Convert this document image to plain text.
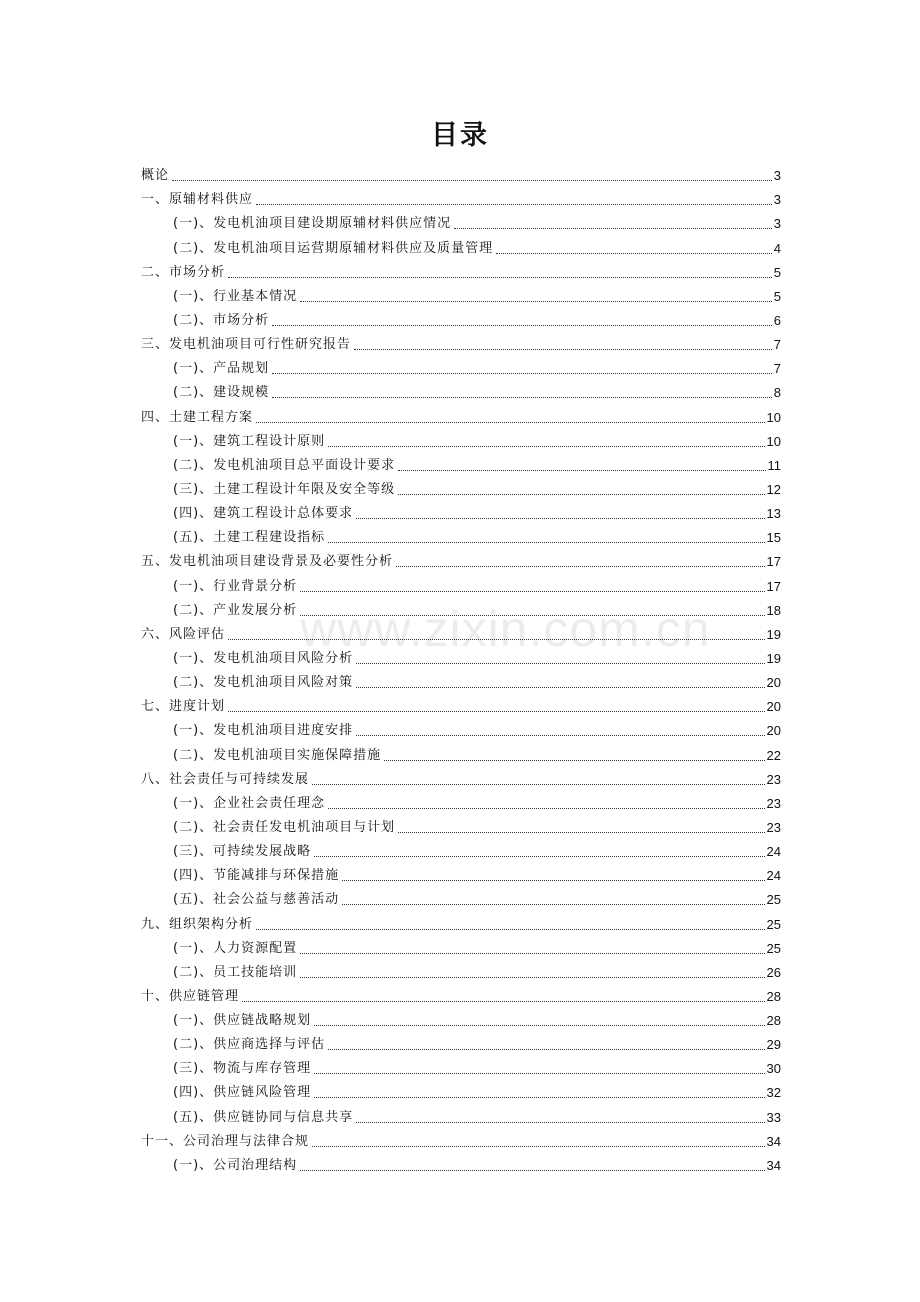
目录
概论	3
一、原辅材料供应	3
(一)、发电机油项目建设期原辅材料供应情况	3
(二)、发电机油项目运营期原辅材料供应及质量管理	4
二、市场分析	5
(一)、行业基本情况	5
(二)、市场分析	6
三、发电机油项目可行性研究报告	7
(一)、产品规划	7
(二)、建设规模	8
四、土建工程方案	10
(一)、建筑工程设计原则	10
(二)、发电机油项目总平面设计要求	11
(三)、土建工程设计年限及安全等级	12
(四)、建筑工程设计总体要求	13
(五)、土建工程建设指标	15
五、发电机油项目建设背景及必要性分析	17
(一)、行业背景分析	17
(二)、产业发展分析	18
六、风险评估	19
(一)、发电机油项目风险分析	19
(二)、发电机油项目风险对策	20
七、进度计划	20
(一)、发电机油项目进度安排	20
(二)、发电机油项目实施保障措施	22
八、社会责任与可持续发展	23
(一)、企业社会责任理念	23
(二)、社会责任发电机油项目与计划	23
(三)、可持续发展战略	24
(四)、节能减排与环保措施	24
(五)、社会公益与慈善活动	25
九、组织架构分析	25
(一)、人力资源配置	25
(二)、员工技能培训	26
十、供应链管理	28
(一)、供应链战略规划	28
(二)、供应商选择与评估	29
(三)、物流与库存管理	30
(四)、供应链风险管理	32
(五)、供应链协同与信息共享	33
十一、公司治理与法律合规	34
(一)、公司治理结构	34
www.zixin.com.cn
